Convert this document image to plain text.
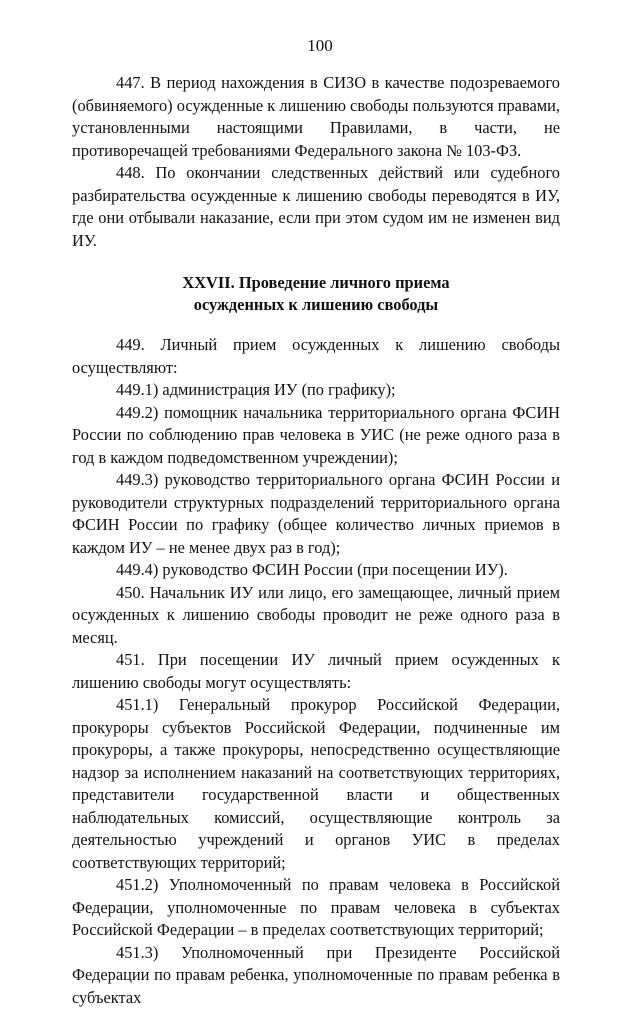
100

447. В период нахождения в СИЗО в качестве подозреваемого (обвиняемого) осужденные к лишению свободы пользуются правами, установленными настоящими Правилами, в части, не противоречащей требованиями Федерального закона № 103-ФЗ.

448. По окончании следственных действий или судебного разбирательства осужденные к лишению свободы переводятся в ИУ, где они отбывали наказание, если при этом судом им не изменен вид ИУ.

XXVII. Проведение личного приема
осужденных к лишению свободы

449. Личный прием осужденных к лишению свободы осуществляют:

449.1) администрация ИУ (по графику);

449.2) помощник начальника территориального органа ФСИН России по соблюдению прав человека в УИС (не реже одного раза в год в каждом подведомственном учреждении);

449.3) руководство территориального органа ФСИН России и руководители структурных подразделений территориального органа ФСИН России по графику (общее количество личных приемов в каждом ИУ – не менее двух раз в год);

449.4) руководство ФСИН России (при посещении ИУ).

450. Начальник ИУ или лицо, его замещающее, личный прием осужденных к лишению свободы проводит не реже одного раза в месяц.

451. При посещении ИУ личный прием осужденных к лишению свободы могут осуществлять:

451.1) Генеральный прокурор Российской Федерации, прокуроры субъектов Российской Федерации, подчиненные им прокуроры, а также прокуроры, непосредственно осуществляющие надзор за исполнением наказаний на соответствующих территориях, представители государственной власти и общественных наблюдательных комиссий, осуществляющие контроль за деятельностью учреждений и органов УИС в пределах соответствующих территорий;

451.2) Уполномоченный по правам человека в Российской Федерации, уполномоченные по правам человека в субъектах Российской Федерации – в пределах соответствующих территорий;

451.3) Уполномоченный при Президенте Российской Федерации по правам ребенка, уполномоченные по правам ребенка в субъектах
